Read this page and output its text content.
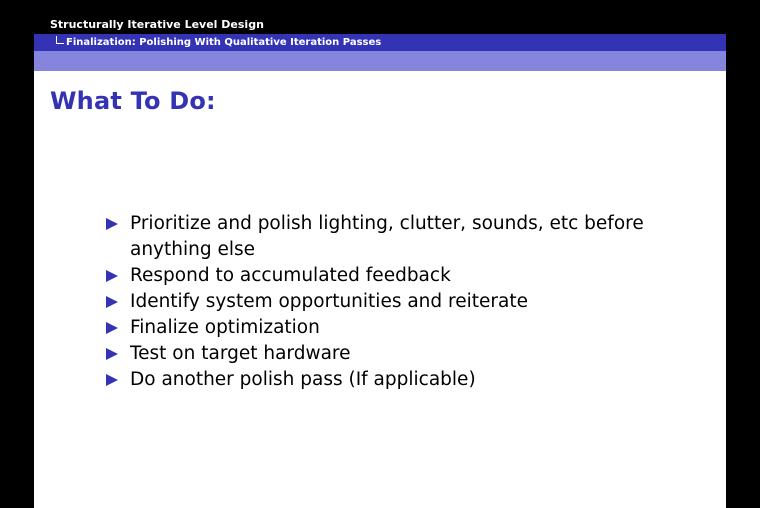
Structurally Iterative Level Design
Finalization: Polishing With Qualitative Iteration Passes
What To Do:
Prioritize and polish lighting, clutter, sounds, etc before anything else
Respond to accumulated feedback
Identify system opportunities and reiterate
Finalize optimization
Test on target hardware
Do another polish pass (If applicable)
